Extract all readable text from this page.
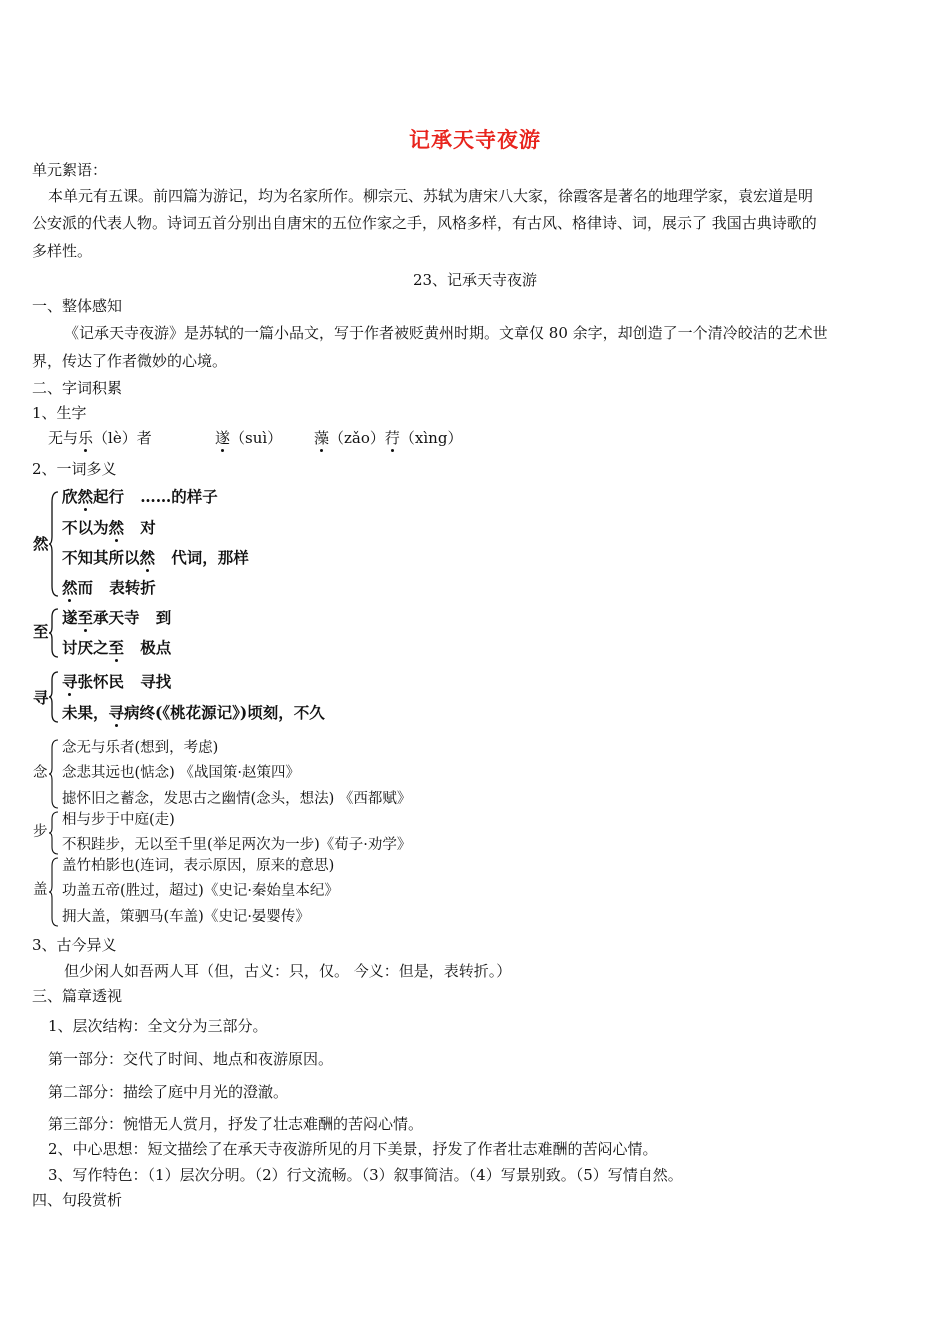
记承天寺夜游
单元絮语：
本单元有五课。前四篇为游记，均为名家所作。柳宗元、苏轼为唐宋八大家，徐霞客是著名的地理学家，袁宏道是明
公安派的代表人物。诗词五首分别出自唐宋的五位作家之手，风格多样，有古风、格律诗、词，展示了 我国古典诗歌的
多样性。
23、记承天寺夜游
一、整体感知
《记承天寺夜游》是苏轼的一篇小品文，写于作者被贬黄州时期。文章仅 80 余字，却创造了一个清冷皎洁的艺术世
界，传达了作者微妙的心境。
二、字词积累
1、生字
无与乐（lè）者	遂（suì） 藻（zǎo）荇（xìng）
2、一词多义
然
欣然起行   ……的样子
不以为然   对
不知其所以然   代词，那样
然而   表转折
至
遂至承天寺   到
讨厌之至   极点
寻
寻张怀民   寻找
未果，寻病终(《桃花源记》)顷刻，不久
念
念无与乐者(想到，考虑)
念悲其远也(惦念) 《战国策·赵策四》
摅怀旧之蓄念，发思古之幽情(念头，想法) 《西都赋》
步
相与步于中庭(走)
不积跬步，无以至千里(举足两次为一步)《荀子·劝学》
盖
盖竹柏影也(连词，表示原因，原来的意思)
功盖五帝(胜过，超过)《史记·秦始皇本纪》
拥大盖，策驷马(车盖)《史记·晏婴传》
3、古今异义
但少闲人如吾两人耳（但，古义：只，仅。 今义：但是，表转折。）
三、篇章透视
1、层次结构：全文分为三部分。
第一部分：交代了时间、地点和夜游原因。
第二部分：描绘了庭中月光的澄澈。
第三部分：惋惜无人赏月，抒发了壮志难酬的苦闷心情。
2、中心思想：短文描绘了在承天寺夜游所见的月下美景，抒发了作者壮志难酬的苦闷心情。
3、写作特色：（1）层次分明。（2）行文流畅。（3）叙事简洁。（4）写景别致。（5）写情自然。
四、句段赏析
